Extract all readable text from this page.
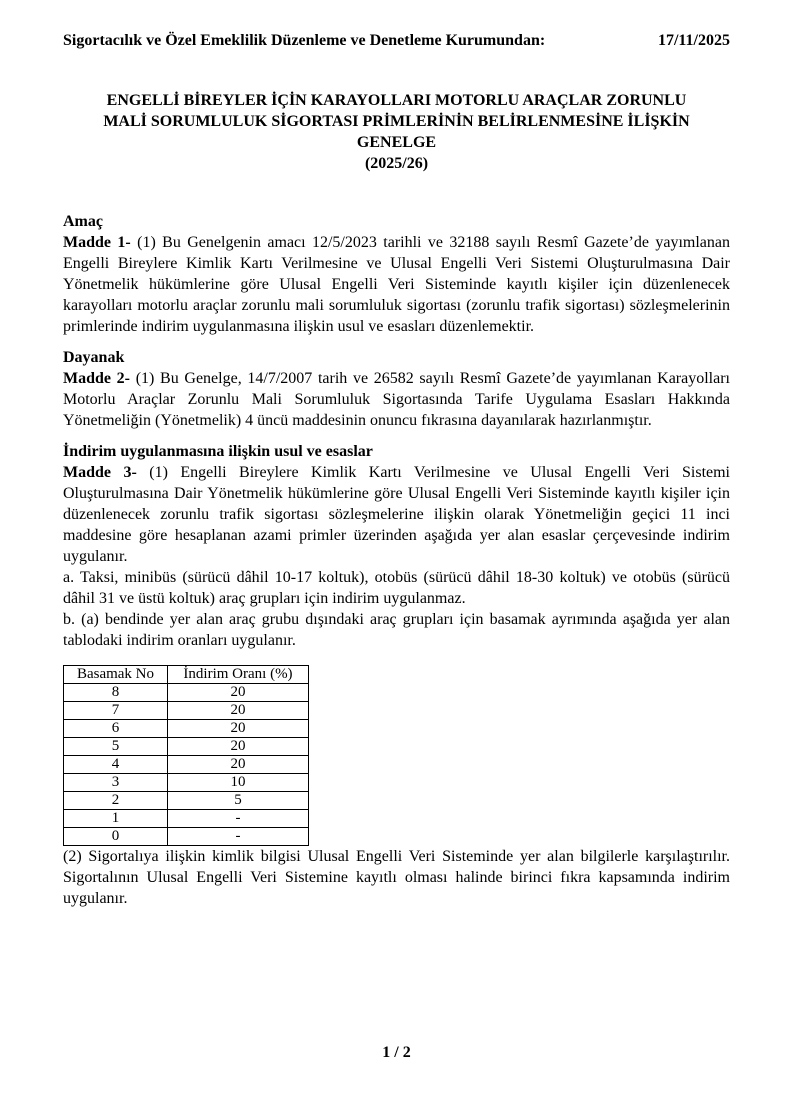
Sigortacılık ve Özel Emeklilik Düzenleme ve Denetleme Kurumundan:	17/11/2025
ENGELLİ BİREYLER İÇİN KARAYOLLARI MOTORLU ARAÇLAR ZORUNLU
MALİ SORUMLULUK SİGORTASI PRİMLERİNİN BELİRLENMESİNE İLİŞKİN
GENELGE
(2025/26)
Amaç

Madde 1- (1) Bu Genelgenin amacı 12/5/2023 tarihli ve 32188 sayılı Resmî Gazete’de yayımlanan Engelli Bireylere Kimlik Kartı Verilmesine ve Ulusal Engelli Veri Sistemi Oluşturulmasına Dair Yönetmelik hükümlerine göre Ulusal Engelli Veri Sisteminde kayıtlı kişiler için düzenlenecek karayolları motorlu araçlar zorunlu mali sorumluluk sigortası (zorunlu trafik sigortası) sözleşmelerinin primlerinde indirim uygulanmasına ilişkin usul ve esasları düzenlemektir.

Dayanak

Madde 2- (1) Bu Genelge, 14/7/2007 tarih ve 26582 sayılı Resmî Gazete’de yayımlanan Karayolları Motorlu Araçlar Zorunlu Mali Sorumluluk Sigortasında Tarife Uygulama Esasları Hakkında Yönetmeliğin (Yönetmelik) 4 üncü maddesinin onuncu fıkrasına dayanılarak hazırlanmıştır.

İndirim uygulanmasına ilişkin usul ve esaslar

Madde 3- (1) Engelli Bireylere Kimlik Kartı Verilmesine ve Ulusal Engelli Veri Sistemi Oluşturulmasına Dair Yönetmelik hükümlerine göre Ulusal Engelli Veri Sisteminde kayıtlı kişiler için düzenlenecek zorunlu trafik sigortası sözleşmelerine ilişkin olarak Yönetmeliğin geçici 11 inci maddesine göre hesaplanan azami primler üzerinden aşağıda yer alan esaslar çerçevesinde indirim uygulanır.

a. Taksi, minibüs (sürücü dâhil 10-17 koltuk), otobüs (sürücü dâhil 18-30 koltuk) ve otobüs (sürücü dâhil 31 ve üstü koltuk) araç grupları için indirim uygulanmaz.

b. (a) bendinde yer alan araç grubu dışındaki araç grupları için basamak ayrımında aşağıda yer alan tablodaki indirim oranları uygulanır.

Basamak No	İndirim Oranı (%)
8	20
7	20
6	20
5	20
4	20
3	10
2	5
1	-
0	-

(2) Sigortalıya ilişkin kimlik bilgisi Ulusal Engelli Veri Sisteminde yer alan bilgilerle karşılaştırılır. Sigortalının Ulusal Engelli Veri Sistemine kayıtlı olması halinde birinci fıkra kapsamında indirim uygulanır.

1 / 2
